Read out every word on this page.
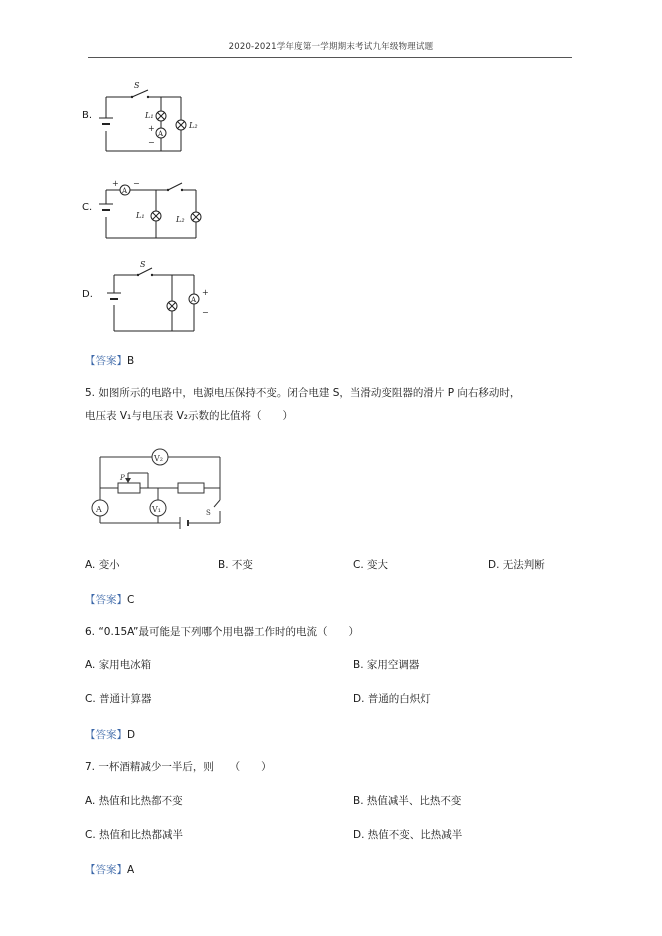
2020-2021学年度第一学期期末考试九年级物理试题
B.
S
L₁
L₂
A
+
−
C.
A
+ −
L₁	L₂
D.
S
A
+
−
【答案】B
5. 如图所示的电路中，电源电压保持不变。闭合电建 S，当滑动变阻器的滑片 P 向右移动时，
电压表 V₁与电压表 V₂示数的比值将（　　）
V₂
V₁
A
P
S
A. 变小	B. 不变	C. 变大	D. 无法判断
【答案】C
6. “0.15A”最可能是下列哪个用电器工作时的电流（　　）
A. 家用电冰箱	B. 家用空调器
C. 普通计算器	D. 普通的白炽灯
【答案】D
7. 一杯酒精减少一半后，则　　（　　）
A. 热值和比热都不变	B. 热值减半、比热不变
C. 热值和比热都减半	D. 热值不变、比热减半
【答案】A
